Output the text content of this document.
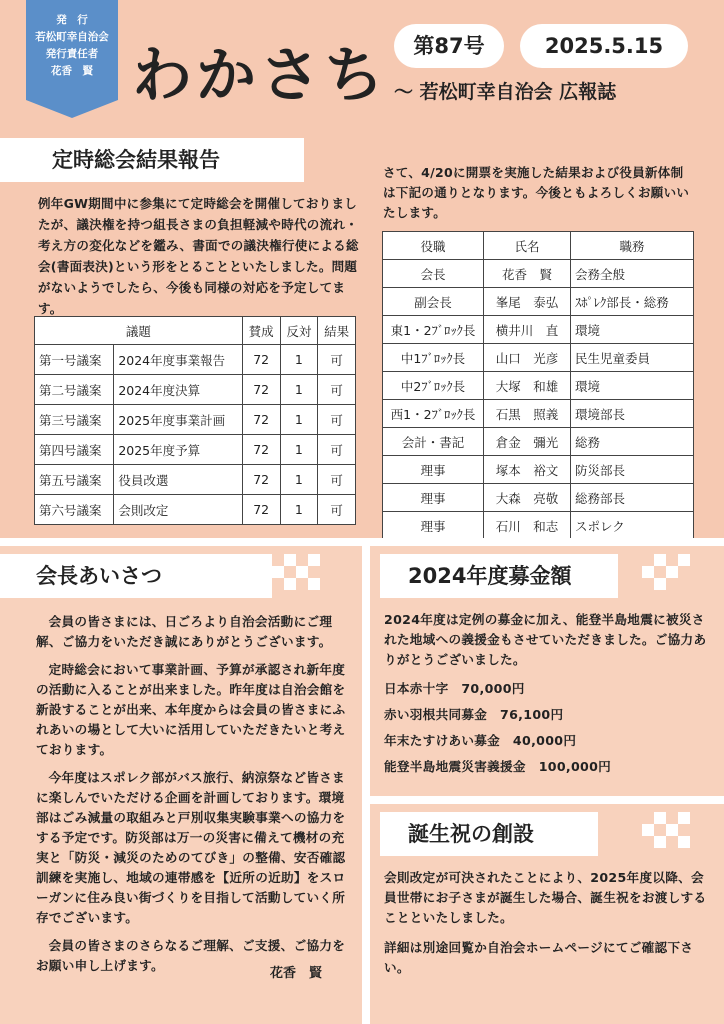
発　行
若松町幸自治会
発行責任者
花香　賢 わかさち	第87号	2025.5.15
～ 若松町幸自治会 広報誌
定時総会結果報告
例年GW期間中に参集にて定時総会を開催しておりましたが、議決権を持つ組長さまの負担軽減や時代の流れ・考え方の変化などを鑑み、書面での議決権行使による総会(書面表決)という形をとることといたしました。問題がないようでしたら、今後も同様の対応を予定してます。
議題		賛成	反対	結果
第一号議案	2024年度事業報告	72	1	可
第二号議案	2024年度決算	72	1	可
第三号議案	2025年度事業計画	72	1	可
第四号議案	2025年度予算	72	1	可
第五号議案	役員改選	72	1	可
第六号議案	会則改定	72	1	可
さて、4/20に開票を実施した結果および役員新体制は下記の通りとなります。今後ともよろしくお願いいたします。
役職	氏名	職務
会長	花香　賢	会務全般
副会長	峯尾　泰弘	ｽﾎﾟﾚｸ部長・総務
東1・2ﾌﾞﾛｯｸ長	横井川　直	環境
中1ﾌﾞﾛｯｸ長	山口　光彦	民生児童委員
中2ﾌﾞﾛｯｸ長	大塚　和雄	環境
西1・2ﾌﾞﾛｯｸ長	石黒　照義	環境部長
会計・書記	倉金　彌光	総務
理事	塚本　裕文	防災部長
理事	大森　亮敬	総務部長
理事	石川　和志	スポレク
会長あいさつ

会員の皆さまには、日ごろより自治会活動にご理解、ご協力をいただき誠にありがとうございます。

定時総会において事業計画、予算が承認され新年度の活動に入ることが出来ました。昨年度は自治会館を新設することが出来、本年度からは会員の皆さまにふれあいの場として大いに活用していただきたいと考えております。

今年度はスポレク部がバス旅行、納涼祭など皆さまに楽しんでいただける企画を計画しております。環境部はごみ減量の取組みと戸別収集実験事業への協力をする予定です。防災部は万一の災害に備えて機材の充実と「防災・減災のためのてびき」の整備、安否確認訓練を実施し、地域の連帯感を【近所の近助】をスローガンに住み良い街づくりを目指して活動していく所存でございます。

会員の皆さまのさらなるご理解、ご支援、ご協力をお願い申し上げます。

花香　賢
2024年度募金額
2024年度は定例の募金に加え、能登半島地震に被災された地域への義援金もさせていただきました。ご協力ありがとうございました。
日本赤十字　70,000円
赤い羽根共同募金　76,100円
年末たすけあい募金　40,000円
能登半島地震災害義援金　100,000円
誕生祝の創設
会則改定が可決されたことにより、2025年度以降、会員世帯にお子さまが誕生した場合、誕生祝をお渡しすることといたしました。
詳細は別途回覧か自治会ホームページにてご確認下さい。
